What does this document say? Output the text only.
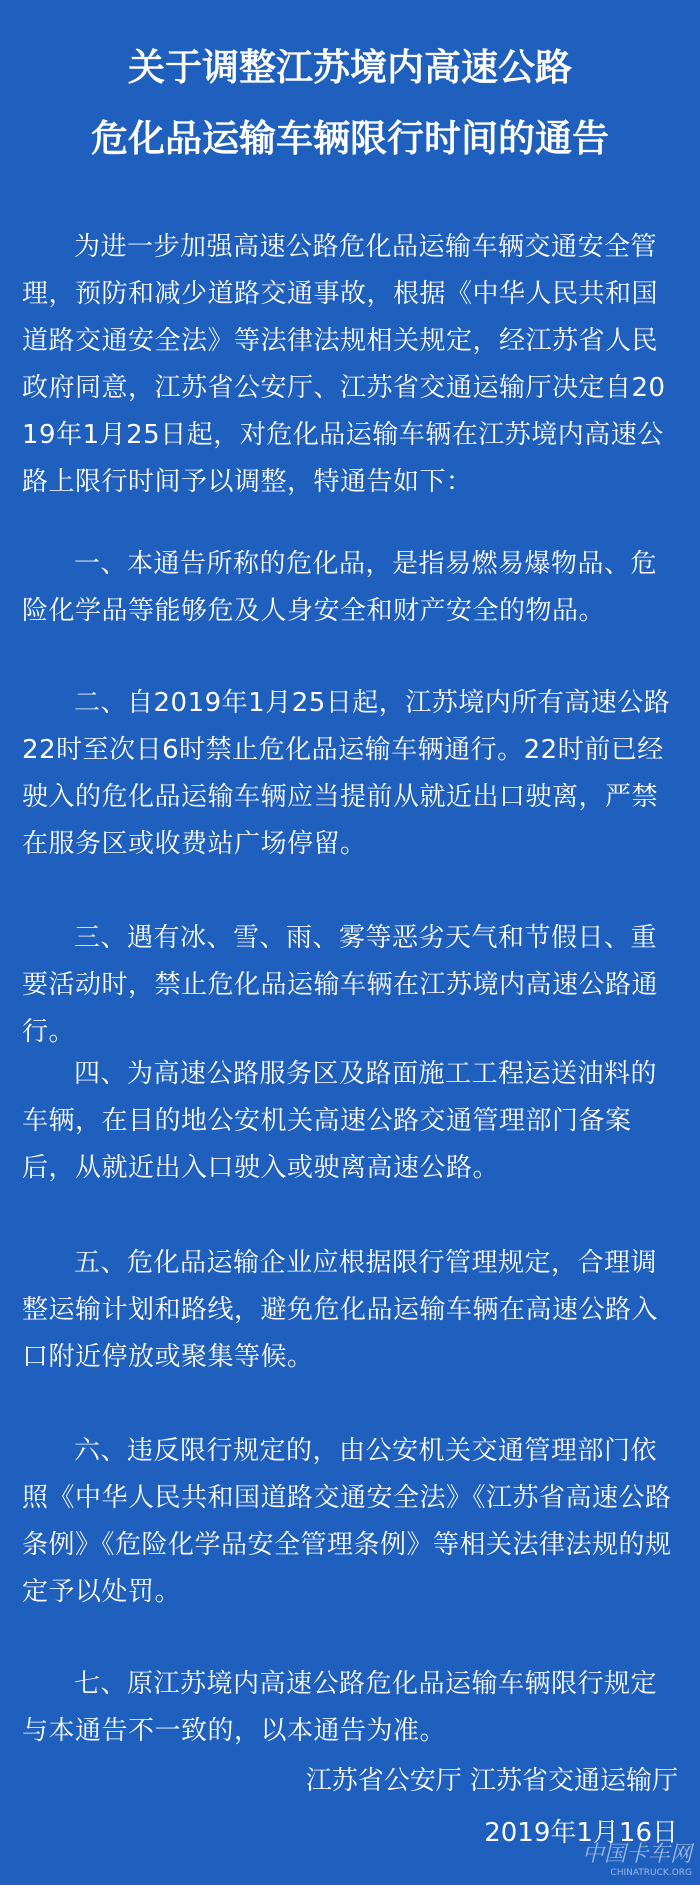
关于调整江苏境内高速公路
危化品运输车辆限行时间的通告
为进一步加强高速公路危化品运输车辆交通安全管理，预防和减少道路交通事故，根据《中华人民共和国道路交通安全法》等法律法规相关规定，经江苏省人民政府同意，江苏省公安厅、江苏省交通运输厅决定自2019年1月25日起，对危化品运输车辆在江苏境内高速公路上限行时间予以调整，特通告如下：
一、本通告所称的危化品，是指易燃易爆物品、危险化学品等能够危及人身安全和财产安全的物品。
二、自2019年1月25日起，江苏境内所有高速公路22时至次日6时禁止危化品运输车辆通行。22时前已经驶入的危化品运输车辆应当提前从就近出口驶离，严禁在服务区或收费站广场停留。
三、遇有冰、雪、雨、雾等恶劣天气和节假日、重要活动时，禁止危化品运输车辆在江苏境内高速公路通行。
四、为高速公路服务区及路面施工工程运送油料的车辆，在目的地公安机关高速公路交通管理部门备案后，从就近出入口驶入或驶离高速公路。
五、危化品运输企业应根据限行管理规定，合理调整运输计划和路线，避免危化品运输车辆在高速公路入口附近停放或聚集等候。
六、违反限行规定的，由公安机关交通管理部门依照《中华人民共和国道路交通安全法》《江苏省高速公路条例》《危险化学品安全管理条例》等相关法律法规的规定予以处罚。
七、原江苏境内高速公路危化品运输车辆限行规定与本通告不一致的，以本通告为准。
江苏省公安厅 江苏省交通运输厅
2019年1月16日
中国卡车网
CHINATRUCK.ORG
